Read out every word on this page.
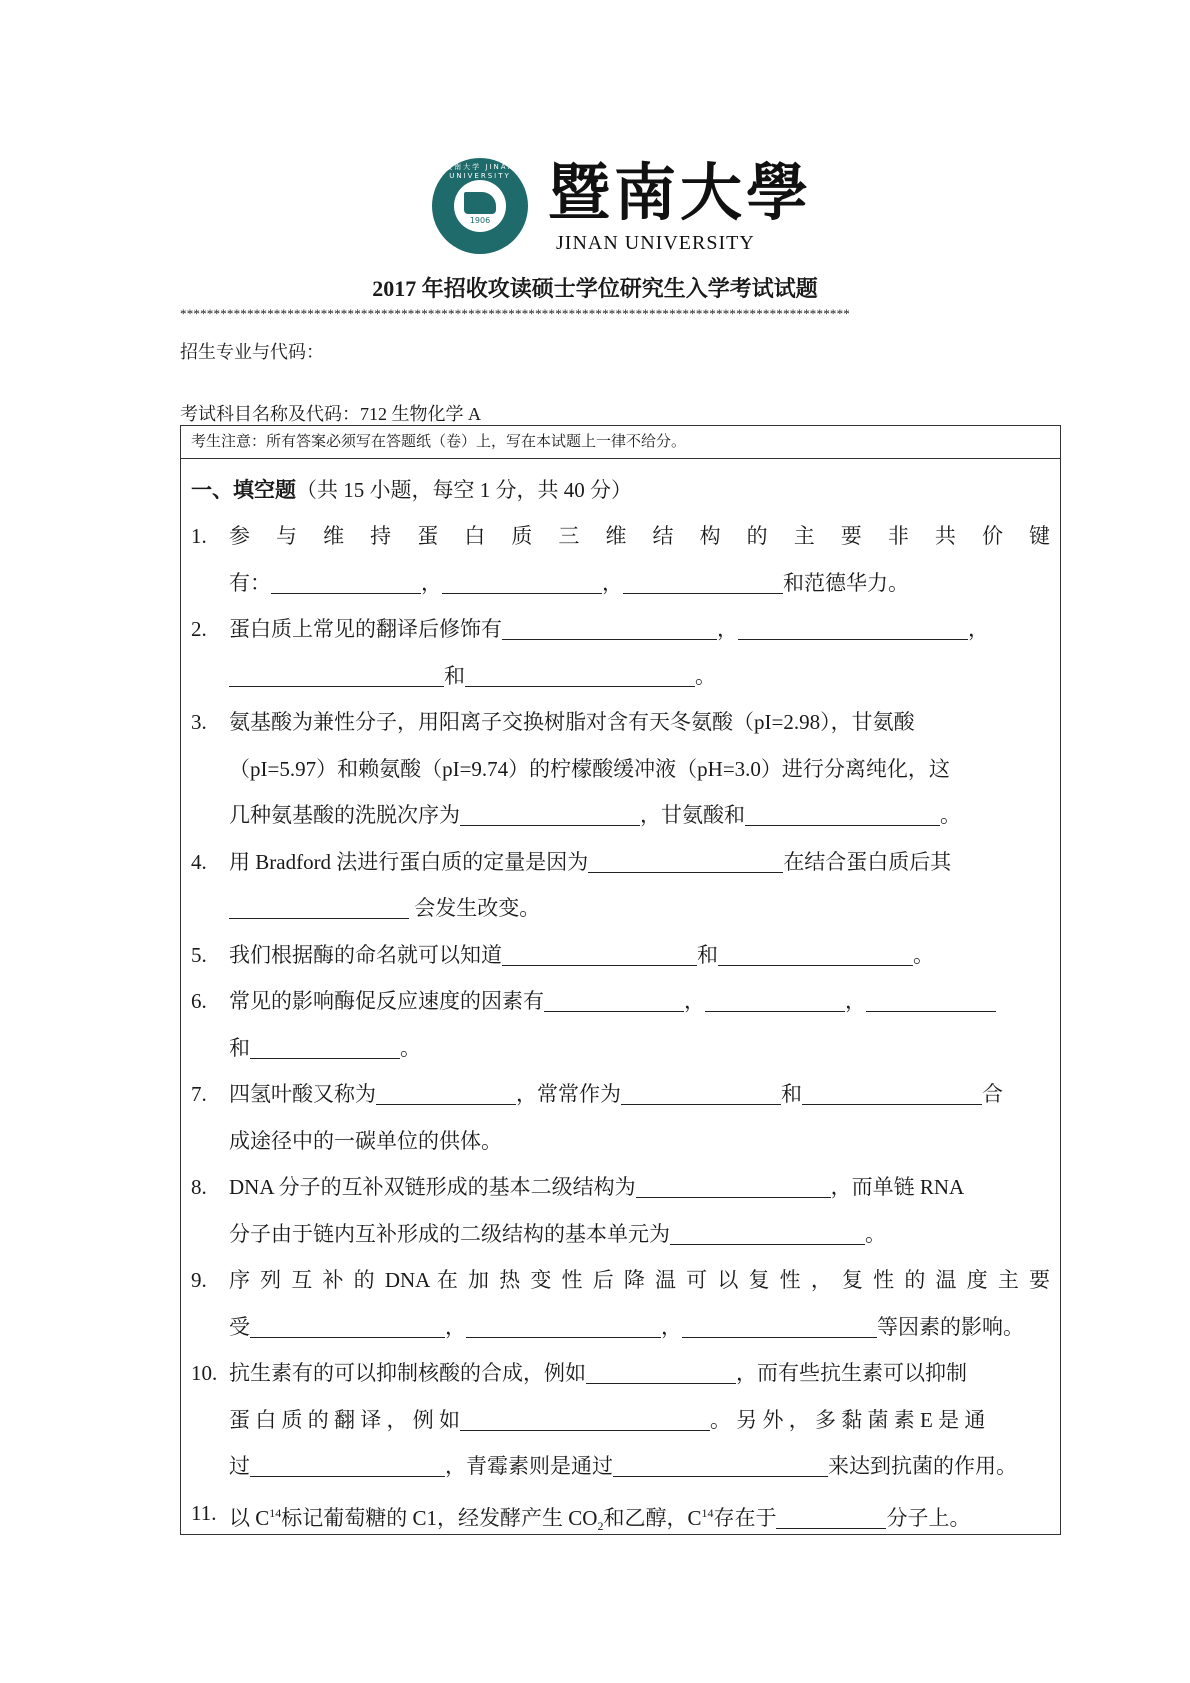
暨南大学 JINAN UNIVERSITY
1906 暨南大學
JINAN UNIVERSITY
2017 年招收攻读硕士学位研究生入学考试试题
****************************************************************************************************
招生专业与代码：
考试科目名称及代码：712 生物化学 A
考生注意：所有答案必须写在答题纸（卷）上，写在本试题上一律不给分。
一、填空题（共 15 小题，每空 1 分，共 40 分）
1. 参 与 维 持 蛋 白 质 三 维 结 构 的 主 要 非 共 价 键
有：	，	，	和范德华力。
2. 蛋白质上常见的翻译后修饰有	，	，
和	。
3. 氨基酸为兼性分子，用阳离子交换树脂对含有天冬氨酸（pI=2.98），甘氨酸
（pI=5.97）和赖氨酸（pI=9.74）的柠檬酸缓冲液（pH=3.0）进行分离纯化，这
几种氨基酸的洗脱次序为	，甘氨酸和	。
4. 用 Bradford 法进行蛋白质的定量是因为	在结合蛋白质后其
会发生改变。
5. 我们根据酶的命名就可以知道	和	。
6. 常见的影响酶促反应速度的因素有	，	，
和	。
7. 四氢叶酸又称为	，常常作为	和	合
成途径中的一碳单位的供体。
8. DNA 分子的互补双链形成的基本二级结构为	，而单链 RNA
分子由于链内互补形成的二级结构的基本单元为	。
9. 序 列 互 补 的 DNA 在 加 热 变 性 后 降 温 可 以 复 性 ， 复 性 的 温 度 主 要
受	，	，	等因素的影响。
10. 抗生素有的可以抑制核酸的合成，例如	，而有些抗生素可以抑制
蛋 白 质 的 翻 译 ， 例 如	。 另 外 ， 多 黏 菌 素 E 是 通
过	，青霉素则是通过	来达到抗菌的作用。
11. 以 $C^{14}$标记葡萄糖的 C1，经发酵产生 $CO_2$和乙醇，$C^{14}$存在于	分子上。
